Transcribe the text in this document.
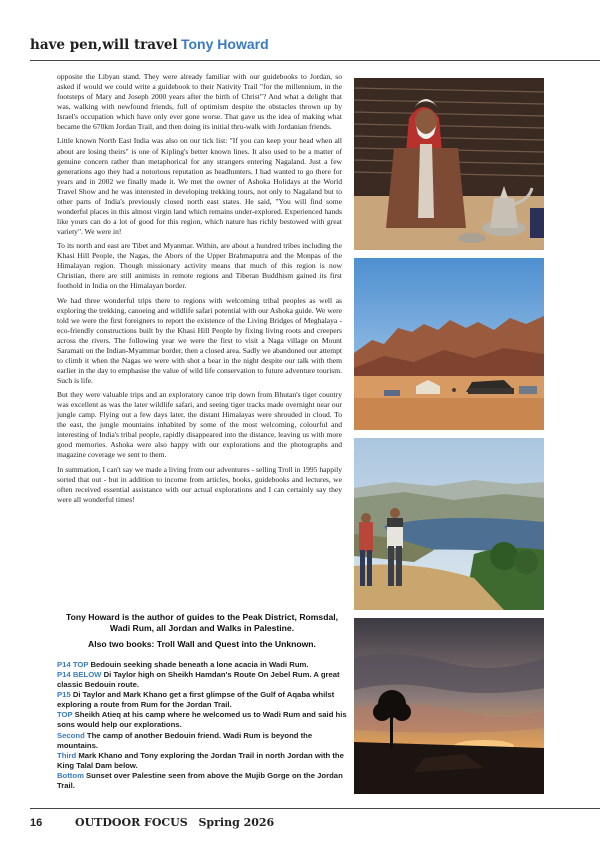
have pen,will travel Tony Howard

opposite the Libyan stand. They were already familiar with our guidebooks to Jordan, so asked if would we could write a guidebook to their Nativity Trail "for the millennium, in the footsteps of Mary and Joseph 2000 years after the birth of Christ"? And what a delight that was, walking with newfound friends, full of optimism despite the obstacles thrown up by Israel's occupation which have only ever gone worse. That gave us the idea of making what became the 670km Jordan Trail, and then doing its initial thru-walk with Jordanian friends.

Little known North East India was also on our tick list: "If you can keep your head when all about are losing theirs" is one of Kipling's better known lines. It also used to be a matter of genuine concern rather than metaphorical for any strangers entering Nagaland. Just a few generations ago they had a notorious reputation as headhunters. I had wanted to go there for years and in 2002 we finally made it. We met the owner of Ashoka Holidays at the World Travel Show and he was interested in developing trekking tours, not only to Nagaland but to other parts of India's previously closed north east states. He said, "You will find some wonderful places in this almost virgin land which remains under-explored. Experienced hands like yours can do a lot of good for this region, which nature has richly bestowed with great variety". We were in!

To its north and east are Tibet and Myanmar. Within, are about a hundred tribes including the Khasi Hill People, the Nagas, the Abors of the Upper Brahmaputra and the Monpas of the Himalayan region. Though missionary activity means that much of this region is now Christian, there are still animists in remote regions and Tiberan Buddhism gained its first foothold in India on the Himalayan border.

We had three wonderful trips there to regions with welcoming tribal peoples as well as exploring the trekking, canoeing and wildlife safari potential with our Ashoka guide. We were told we were the first foreigners to report the existence of the Living Bridges of Meghalaya - eco-friendly constructions built by the Khasi Hill People by fixing living roots and creepers across the rivers. The following year we were the first to visit a Naga village on Mount Saramati on the Indian-Myammar border, then a closed area. Sadly we abandoned our attempt to climb it when the Nagas we were with shot a bear in the night despite our talk with them earlier in the day to emphasise the value of wild life conservation to future adventure tourism. Such is life.

But they were valuable trips and an exploratory canoe trip down from Bhutan's tiger country was excellent as was the later wildlife safari, and seeing tiger tracks made overnight near our jungle camp. Flying out a few days later, the distant Himalayas were shrouded in cloud. To the east, the jungle mountains inhabited by some of the most welcoming, colourful and interesting of India's tribal people, rapidly disappeared into the distance, leaving us with more good memories. Ashoka were also happy with our explorations and the photographs and magazine coverage we sent to them.

In summation, I can't say we made a living from our adventures - selling Troll in 1995 happily sorted that out - but in addition to income from articles, books, guidebooks and lectures, we often received essential assistance with our actual explorations and I can certainly say they were all wonderful times!

Tony Howard is the author of guides to the Peak District, Romsdal, Wadi Rum, all Jordan and Walks in Palestine.

Also two books: Troll Wall and Quest into the Unknown.

P14 TOP Bedouin seeking shade beneath a lone acacia in Wadi Rum.

P14 BELOW Di Taylor high on Sheikh Hamdan's Route On Jebel Rum. A great classic Bedouin route.

P15 Di Taylor and Mark Khano get a first glimpse of the Gulf of Aqaba whilst exploring a route from Rum for the Jordan Trail.

TOP Sheikh Atieq at his camp where he welcomed us to Wadi Rum and said his sons would help our explorations.

Second The camp of another Bedouin friend. Wadi Rum is beyond the mountains.

Third Mark Khano and Tony exploring the Jordan Trail in north Jordan with the King Talal Dam below.

Bottom Sunset over Palestine seen from above the Mujib Gorge on the Jordan Trail.

16	OUTDOOR FOCUS Spring 2026
